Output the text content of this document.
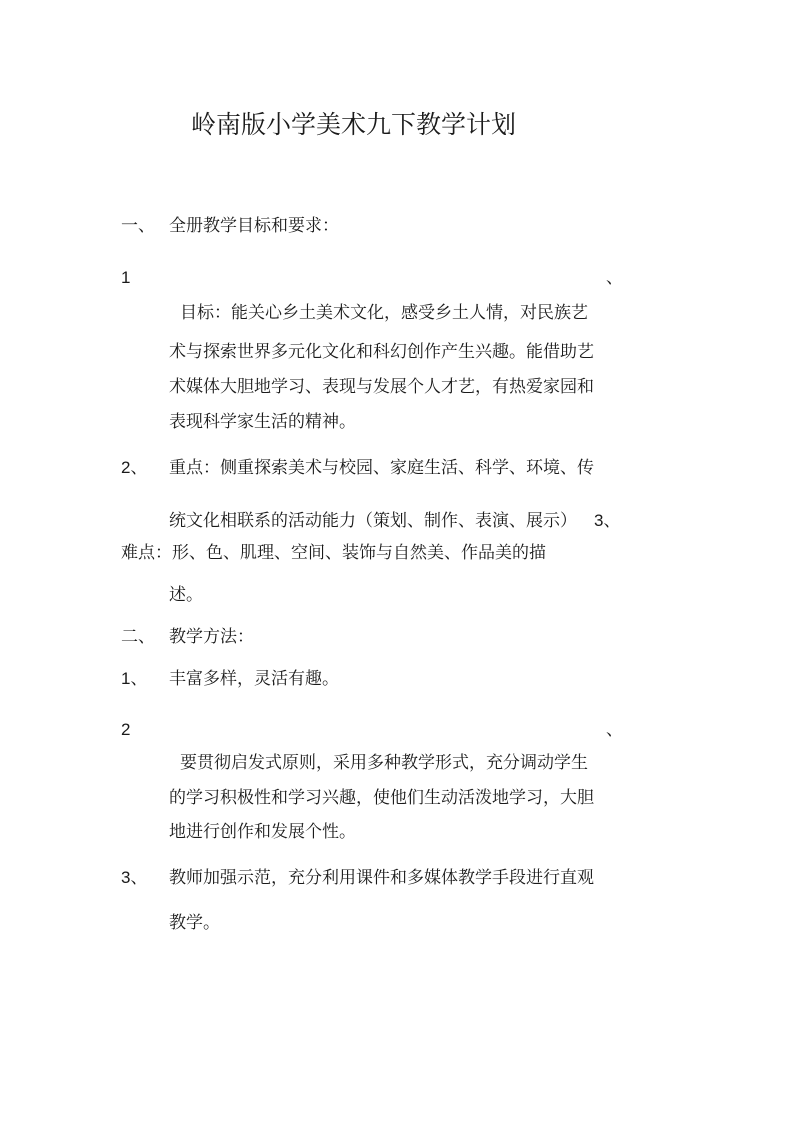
岭南版小学美术九下教学计划
一、 全册教学目标和要求：
1	、
目标：能关心乡土美术文化，感受乡土人情，对民族艺
术与探索世界多元化文化和科幻创作产生兴趣。能借助艺
术媒体大胆地学习、表现与发展个人才艺，有热爱家园和
表现科学家生活的精神。
2、 重点：侧重探索美术与校园、家庭生活、科学、环境、传
统文化相联系的活动能力（策划、制作、表演、展示） 3、
难点：形、色、肌理、空间、装饰与自然美、作品美的描
述。
二、 教学方法：
1、 丰富多样，灵活有趣。
2	、
要贯彻启发式原则，采用多种教学形式，充分调动学生
的学习积极性和学习兴趣，使他们生动活泼地学习，大胆
地进行创作和发展个性。
3、 教师加强示范，充分利用课件和多媒体教学手段进行直观
教学。
